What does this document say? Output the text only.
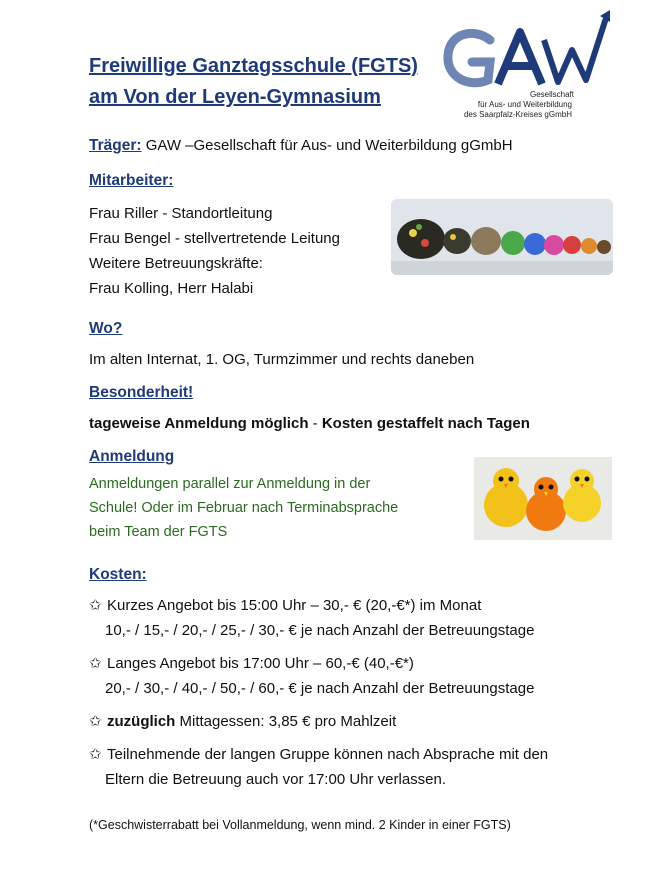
Freiwillige Ganztagsschule (FGTS)
am Von der Leyen-Gymnasium	Gesellschaft
für Aus- und Weiterbildung
des Saarpfalz-Kreises gGmbH
Träger: GAW –Gesellschaft für Aus- und Weiterbildung gGmbH
Mitarbeiter:
Frau Riller - Standortleitung
Frau Bengel - stellvertretende Leitung
Weitere Betreuungskräfte:
Frau Kolling, Herr Halabi
Wo?
Im alten Internat, 1. OG, Turmzimmer und rechts daneben
Besonderheit!
tageweise Anmeldung möglich - Kosten gestaffelt nach Tagen
Anmeldung
Anmeldungen parallel zur Anmeldung in der
Schule! Oder im Februar nach Terminabsprache
beim Team der FGTS
Kosten:
✩ Kurzes Angebot bis 15:00 Uhr – 30,- € (20,-€*) im Monat
10,- / 15,- / 20,- / 25,- / 30,- € je nach Anzahl der Betreuungstage
✩ Langes Angebot bis 17:00 Uhr – 60,-€ (40,-€*)
20,- / 30,- / 40,- / 50,- / 60,- € je nach Anzahl der Betreuungstage
✩ zuzüglich Mittagessen: 3,85 € pro Mahlzeit
✩ Teilnehmende der langen Gruppe können nach Absprache mit den
Eltern die Betreuung auch vor 17:00 Uhr verlassen.
(*Geschwisterrabatt bei Vollanmeldung, wenn mind. 2 Kinder in einer FGTS)
